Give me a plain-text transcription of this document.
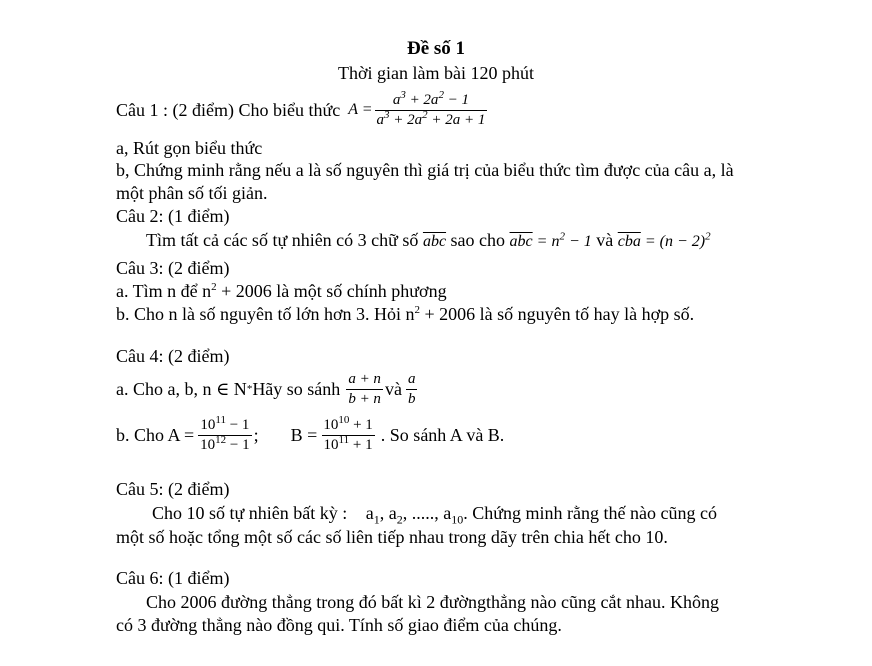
Đề số 1
Thời gian làm bài 120 phút
Câu 1 : (2 điểm) Cho biểu thức $A = \frac{a^3 + 2a^2 - 1}{a^3 + 2a^2 + 2a + 1}$
a, Rút gọn biểu thức
b, Chứng minh rằng nếu a là số nguyên thì giá trị của biểu thức tìm được của câu a, là
một phân số tối giản.
Câu 2: (1 điểm)
Tìm tất cả các số tự nhiên có 3 chữ số $\overline{abc}$ sao cho $\overline{abc} = n^2 - 1$ và $\overline{cba} = (n - 2)^2$
Câu 3: (2 điểm)
a. Tìm n để $n^2 + 2006$ là một số chính phương
b. Cho n là số nguyên tố lớn hơn 3. Hỏi $n^2 + 2006$ là số nguyên tố hay là hợp số.
Câu 4: (2 điểm)
a. Cho a, b, n ∈ N * Hãy so sánh $\frac{a + n}{b + n}$ và $\frac{a}{b}$
b. Cho $A = \frac{10^{11} - 1}{10^{12} - 1}$ ; $B = \frac{10^{10} + 1}{10^{11} + 1}$ . So sánh A và B.
Câu 5: (2 điểm)
Cho 10 số tự nhiên bất kỳ : $a_1$, $a_2$, ....., $a_{10}$. Chứng minh rằng thế nào cũng có
một số hoặc tổng một số các số liên tiếp nhau trong dãy trên chia hết cho 10.
Câu 6: (1 điểm)
Cho 2006 đường thẳng trong đó bất kì 2 đườngthẳng nào cũng cắt nhau. Không
có 3 đường thẳng nào đồng qui. Tính số giao điểm của chúng.
